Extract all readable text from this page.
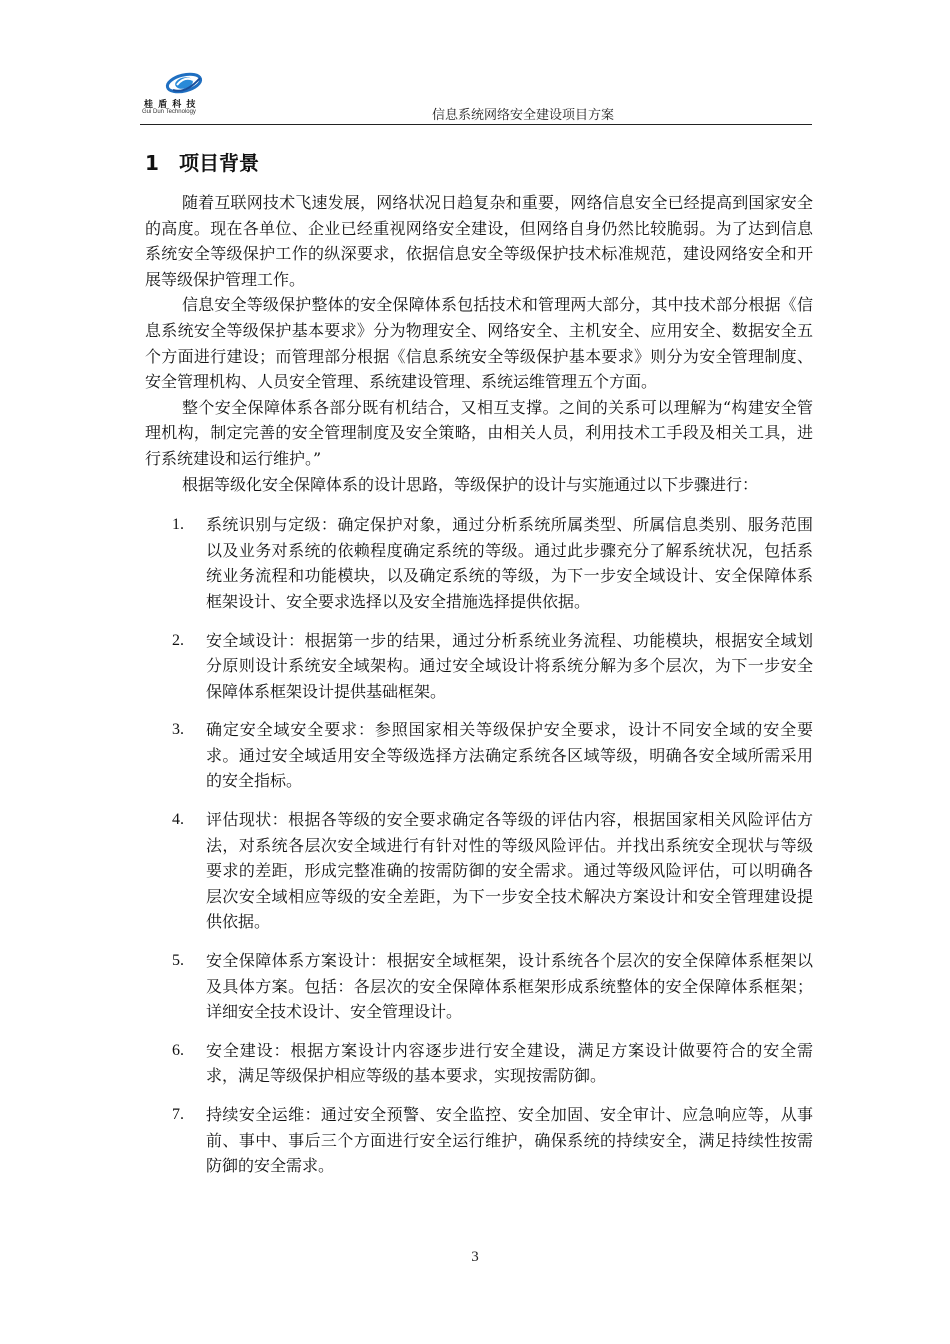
桂 盾 科 技
Gui Dun Technology	信息系统网络安全建设项目方案
1 项目背景

随着互联网技术飞速发展，网络状况日趋复杂和重要，网络信息安全已经提高到国家安全的高度。现在各单位、企业已经重视网络安全建设，但网络自身仍然比较脆弱。为了达到信息系统安全等级保护工作的纵深要求，依据信息安全等级保护技术标准规范，建设网络安全和开展等级保护管理工作。

信息安全等级保护整体的安全保障体系包括技术和管理两大部分，其中技术部分根据《信息系统安全等级保护基本要求》分为物理安全、网络安全、主机安全、应用安全、数据安全五个方面进行建设；而管理部分根据《信息系统安全等级保护基本要求》则分为安全管理制度、安全管理机构、人员安全管理、系统建设管理、系统运维管理五个方面。

整个安全保障体系各部分既有机结合，又相互支撑。之间的关系可以理解为“构建安全管理机构，制定完善的安全管理制度及安全策略，由相关人员，利用技术工手段及相关工具，进行系统建设和运行维护。”

根据等级化安全保障体系的设计思路，等级保护的设计与实施通过以下步骤进行：

1. 系统识别与定级：确定保护对象，通过分析系统所属类型、所属信息类别、服务范围以及业务对系统的依赖程度确定系统的等级。通过此步骤充分了解系统状况，包括系统业务流程和功能模块，以及确定系统的等级，为下一步安全域设计、安全保障体系框架设计、安全要求选择以及安全措施选择提供依据。
2. 安全域设计：根据第一步的结果，通过分析系统业务流程、功能模块，根据安全域划分原则设计系统安全域架构。通过安全域设计将系统分解为多个层次，为下一步安全保障体系框架设计提供基础框架。
3. 确定安全域安全要求：参照国家相关等级保护安全要求，设计不同安全域的安全要求。通过安全域适用安全等级选择方法确定系统各区域等级，明确各安全域所需采用的安全指标。
4. 评估现状：根据各等级的安全要求确定各等级的评估内容，根据国家相关风险评估方法，对系统各层次安全域进行有针对性的等级风险评估。并找出系统安全现状与等级要求的差距，形成完整准确的按需防御的安全需求。通过等级风险评估，可以明确各层次安全域相应等级的安全差距，为下一步安全技术解决方案设计和安全管理建设提供依据。
5. 安全保障体系方案设计：根据安全域框架，设计系统各个层次的安全保障体系框架以及具体方案。包括：各层次的安全保障体系框架形成系统整体的安全保障体系框架；详细安全技术设计、安全管理设计。
6. 安全建设：根据方案设计内容逐步进行安全建设，满足方案设计做要符合的安全需求，满足等级保护相应等级的基本要求，实现按需防御。
7. 持续安全运维：通过安全预警、安全监控、安全加固、安全审计、应急响应等，从事前、事中、事后三个方面进行安全运行维护，确保系统的持续安全，满足持续性按需防御的安全需求。
3
